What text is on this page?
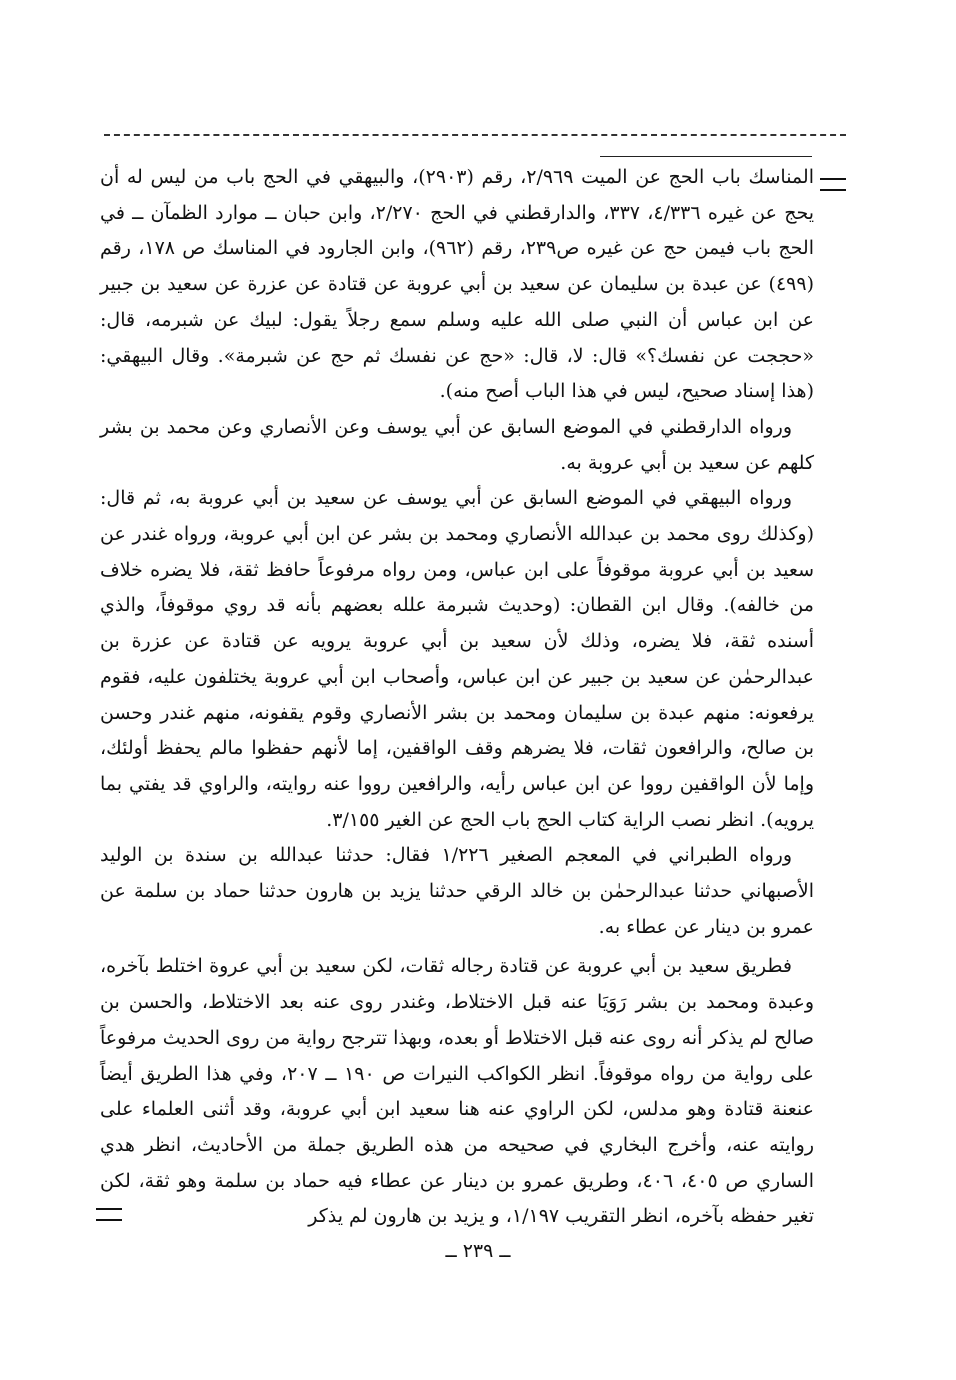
المناسك باب الحج عن الميت ٢/٩٦٩، رقم (٢٩٠٣)، والبيهقي في الحج باب من ليس له أن يحج عن غيره ٤/٣٣٦، ٣٣٧، والدارقطني في الحج ٢/٢٧٠، وابن حبان ــ موارد الظمآن ــ في الحج باب فيمن حج عن غيره ص٢٣٩، رقم (٩٦٢)، وابن الجارود في المناسك ص ١٧٨، رقم (٤٩٩) عن عبدة بن سليمان عن سعيد بن أبي عروبة عن قتادة عن عزرة عن سعيد بن جبير عن ابن عباس أن النبي صلى الله عليه وسلم سمع رجلاً يقول: لبيك عن شبرمه، قال: «حججت عن نفسك؟» قال: لا، قال: «حج عن نفسك ثم حج عن شبرمة». وقال البيهقي: (هذا إسناد صحيح، ليس في هذا الباب أصح منه).

ورواه الدارقطني في الموضع السابق عن أبي يوسف وعن الأنصاري وعن محمد بن بشر كلهم عن سعيد بن أبي عروبة به.

ورواه البيهقي في الموضع السابق عن أبي يوسف عن سعيد بن أبي عروبة به، ثم قال: (وكذلك روى محمد بن عبدالله الأنصاري ومحمد بن بشر عن ابن أبي عروبة، ورواه غندر عن سعيد بن أبي عروبة موقوفاً على ابن عباس، ومن رواه مرفوعاً حافظ ثقة، فلا يضره خلاف من خالفه). وقال ابن القطان: (وحديث شبرمة علله بعضهم بأنه قد روي موقوفاً، والذي أسنده ثقة، فلا يضره، وذلك لأن سعيد بن أبي عروبة يرويه عن قتادة عن عزرة بن عبدالرحمٰن عن سعيد بن جبير عن ابن عباس، وأصحاب ابن أبي عروبة يختلفون عليه، فقوم يرفعونه: منهم عبدة بن سليمان ومحمد بن بشر الأنصاري وقوم يقفونه، منهم غندر وحسن بن صالح، والرافعون ثقات، فلا يضرهم وقف الواقفين، إما لأنهم حفظوا مالم يحفظ أولئك، وإما لأن الواقفين رووا عن ابن عباس رأيه، والرافعين رووا عنه روايته، والراوي قد يفتي بما يرويه). انظر نصب الراية كتاب الحج باب الحج عن الغير ٣/١٥٥.

ورواه الطبراني في المعجم الصغير ١/٢٢٦ فقال: حدثنا عبدالله بن سندة بن الوليد الأصبهاني حدثنا عبدالرحمٰن بن خالد الرقي حدثنا يزيد بن هارون حدثنا حماد بن سلمة عن عمرو بن دينار عن عطاء به.

فطريق سعيد بن أبي عروبة عن قتادة رجاله ثقات، لكن سعيد بن أبي عروة اختلط بآخره، وعبدة ومحمد بن بشر رَوَيَا عنه قبل الاختلاط، وغندر روى عنه بعد الاختلاط، والحسن بن صالح لم يذكر أنه روى عنه قبل الاختلاط أو بعده، وبهذا تترجح رواية من روى الحديث مرفوعاً على رواية من رواه موقوفاً. انظر الكواكب النيرات ص ١٩٠ ــ ٢٠٧، وفي هذا الطريق أيضاً عنعنة قتادة وهو مدلس، لكن الراوي عنه هنا سعيد ابن أبي عروبة، وقد أثنى العلماء على روايته عنه، وأخرج البخاري في صحيحه من هذه الطريق جملة من الأحاديث، انظر هدي الساري ص ٤٠٥، ٤٠٦، وطريق عمرو بن دينار عن عطاء فيه حماد بن سلمة وهو ثقة، لكن تغير حفظه بآخره، انظر التقريب ١/١٩٧، و يزيد بن هارون لم يذكر

ــ ٢٣٩ ــ
